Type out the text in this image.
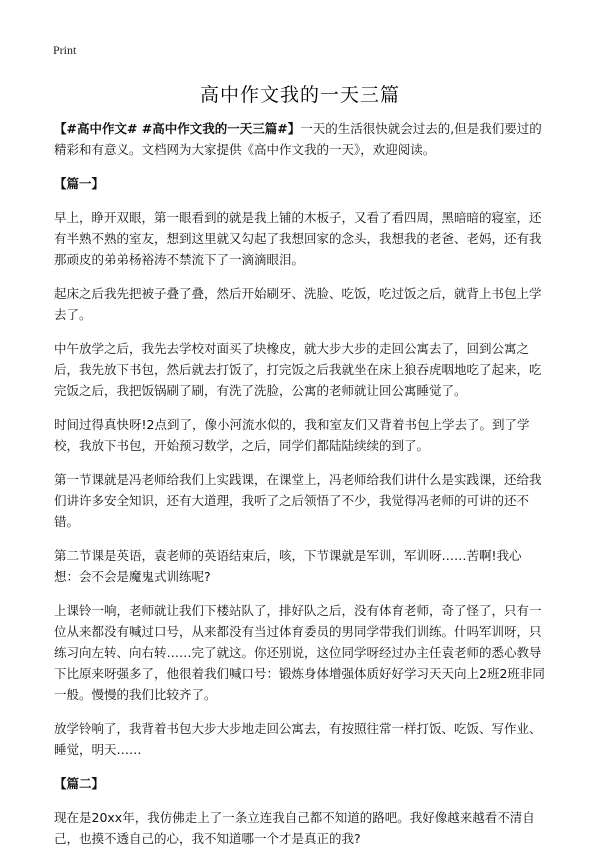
Print
高中作文我的一天三篇

【#高中作文# #高中作文我的一天三篇#】一天的生活很快就会过去的,但是我们要过的精彩和有意义。文档网为大家提供《高中作文我的一天》，欢迎阅读。

【篇一】

早上，睁开双眼，第一眼看到的就是我上铺的木板子，又看了看四周，黑暗暗的寝室，还有半熟不熟的室友，想到这里就又勾起了我想回家的念头，我想我的老爸、老妈，还有我那顽皮的弟弟杨裕涛不禁流下了一滴滴眼泪。

起床之后我先把被子叠了叠，然后开始刷牙、洗脸、吃饭，吃过饭之后，就背上书包上学去了。

中午放学之后，我先去学校对面买了块橡皮，就大步大步的走回公寓去了，回到公寓之后，我先放下书包，然后就去打饭了，打完饭之后我就坐在床上狼吞虎咽地吃了起来，吃完饭之后，我把饭锅刷了刷，有洗了洗脸，公寓的老师就让回公寓睡觉了。

时间过得真快呀!2点到了，像小河流水似的，我和室友们又背着书包上学去了。到了学校，我放下书包，开始预习数学，之后，同学们都陆陆续续的到了。

第一节课就是冯老师给我们上实践课，在课堂上，冯老师给我们讲什么是实践课，还给我们讲许多安全知识，还有大道理，我听了之后领悟了不少，我觉得冯老师的可讲的还不错。

第二节课是英语，袁老师的英语结束后，咳，下节课就是军训，军训呀……苦啊!我心想：会不会是魔鬼式训练呢?

上课铃一响，老师就让我们下楼站队了，排好队之后，没有体育老师，奇了怪了，只有一位从来都没有喊过口号，从来都没有当过体育委员的男同学带我们训练。什吗军训呀，只练习向左转、向右转……完了就这。你还别说，这位同学呀经过办主任袁老师的悉心教导下比原来呀强多了，他很着我们喊口号：锻炼身体增强体质好好学习天天向上2班2班非同一般。慢慢的我们比较齐了。

放学铃响了，我背着书包大步大步地走回公寓去，有按照往常一样打饭、吃饭、写作业、睡觉，明天……

【篇二】

现在是20xx年，我仿佛走上了一条立连我自己都不知道的路吧。我好像越来越看不清自己，也摸不透自己的心，我不知道哪一个才是真正的我?
